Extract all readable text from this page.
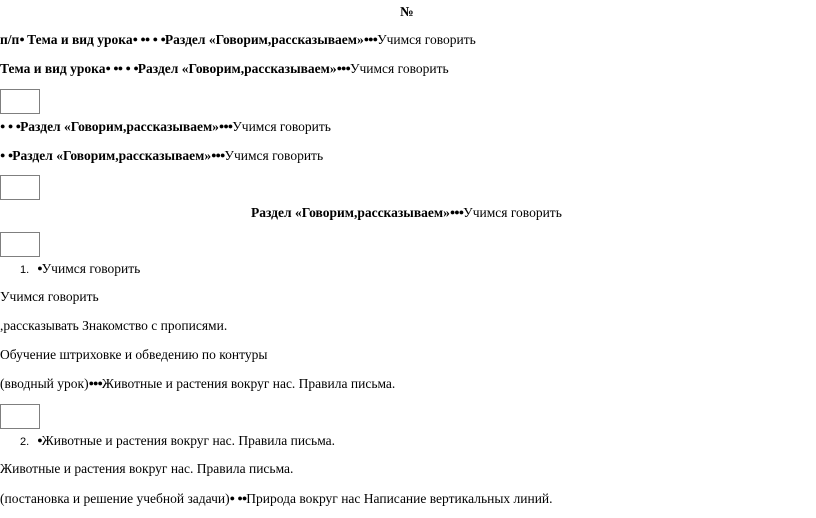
№
п/п● Тема и вид урока● ●● ● ●Раздел «Говорим,рассказываем»●●●Учимся говорить
Тема и вид урока● ●● ● ●Раздел «Говорим,рассказываем»●●●Учимся говорить
● ● ●Раздел «Говорим,рассказываем»●●●Учимся говорить
● ●Раздел «Говорим,рассказываем»●●●Учимся говорить
Раздел «Говорим,рассказываем»●●●Учимся говорить
1. ●Учимся говорить
Учимся говорить
,рассказывать Знакомство с прописями.
Обучение штриховке и обведению по контуры
(вводный урок)●●●Животные и растения вокруг нас. Правила письма.
2. ●Животные и растения вокруг нас. Правила письма.
Животные и растения вокруг нас. Правила письма.
(постановка и решение учебной задачи)● ●●Природа вокруг нас Написание вертикальных линий.
